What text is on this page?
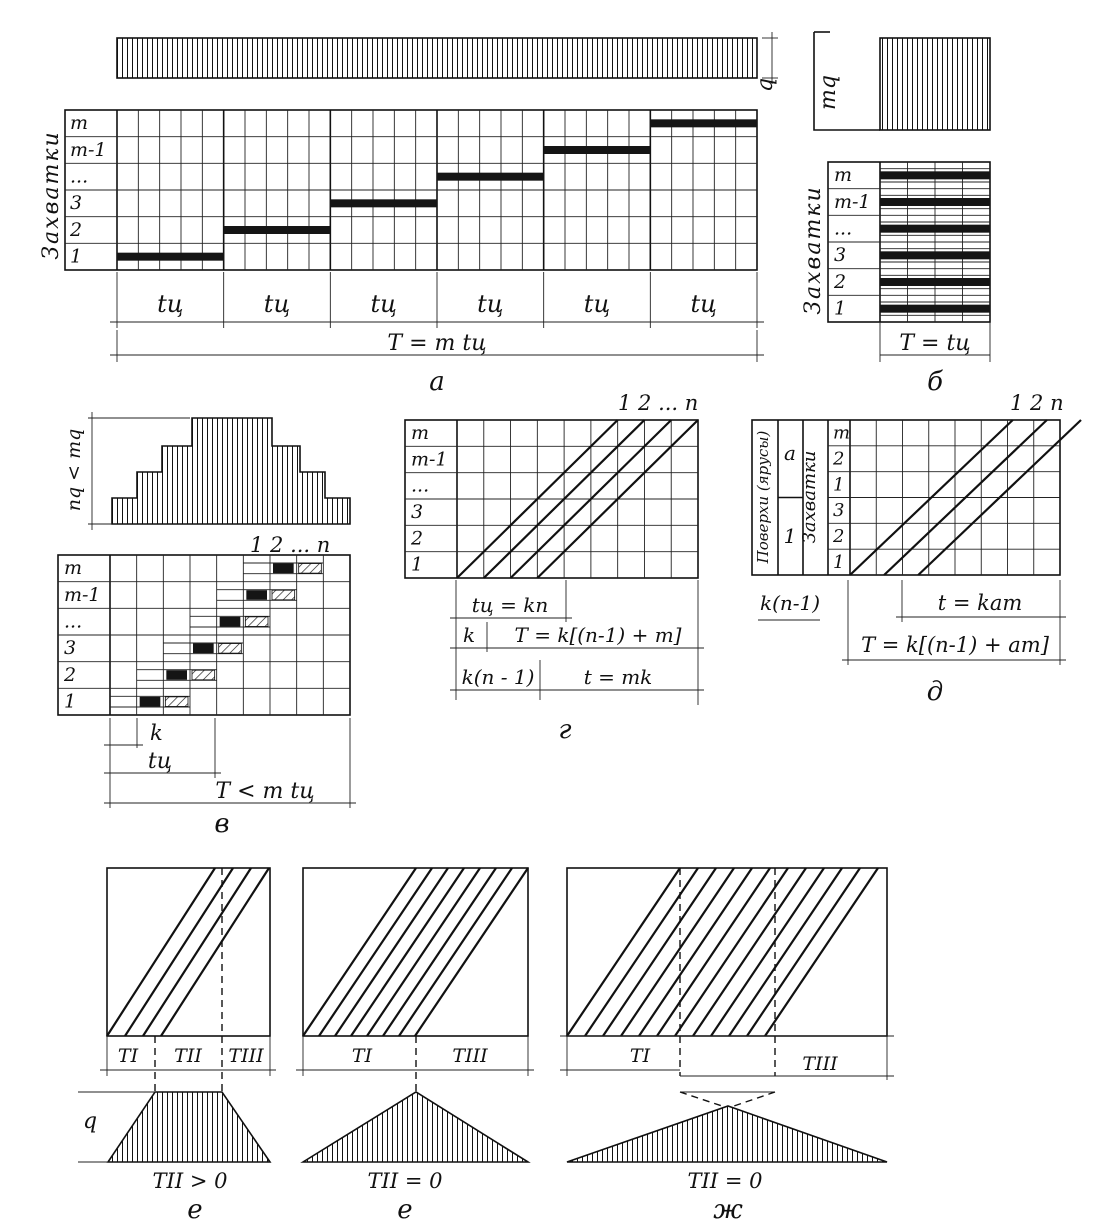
q
m
m-1
...
3
2
1
Захватки
tц	tц	tц	tц	tц	tц
T = m tц
а
mq
m
m-1
...
3
2
1
Захватки
T = tц
б
nq < mq
1 2 ... n
m
m-1
...
3
2
1
k
tц
T < m tц
в
1 2 ... n
m
m-1
...
3
2
1
tц = kn
k T = k[(n-1) + m]
k(n - 1) t = mk
г
1 2 n
m
2
1
3
2
1
Поверхи (ярусы) a
1 Захватки
k(n-1)	t = kam
T = k[(n-1) + am]
д
TI TII TIII
q
TII > 0
е
TI	TIII
TII = 0
е
TI	TIII
TII = 0
ж
